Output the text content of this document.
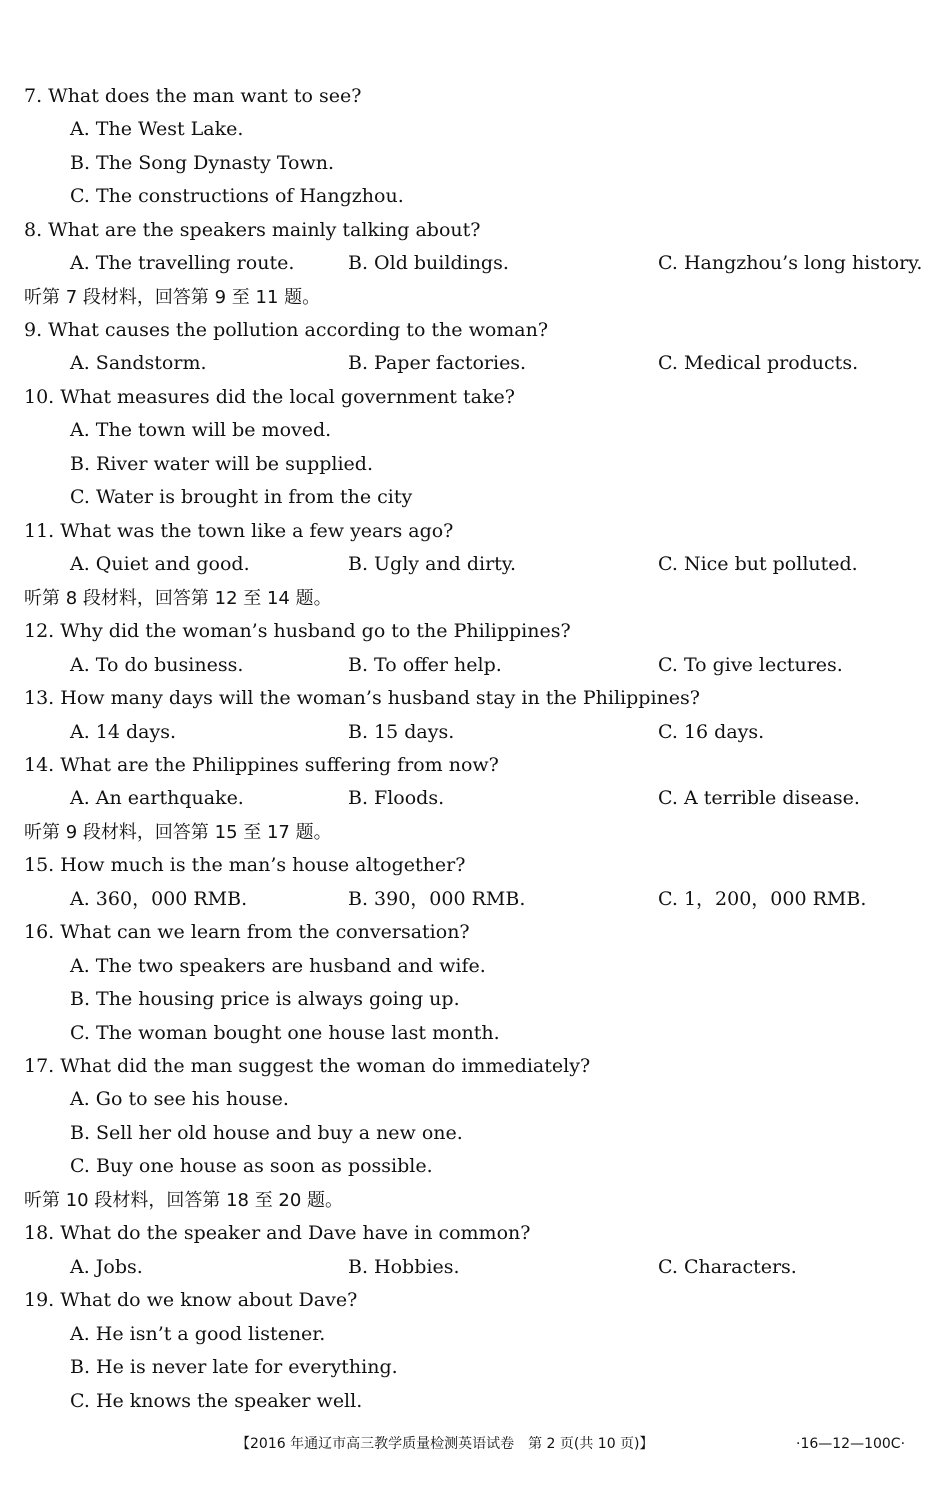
7. What does the man want to see?
A. The West Lake.
B. The Song Dynasty Town.
C. The constructions of Hangzhou.
8. What are the speakers mainly talking about?
A. The travelling route.	B. Old buildings.	C. Hangzhou’s long history.
听第 7 段材料，回答第 9 至 11 题。
9. What causes the pollution according to the woman?
A. Sandstorm.	B. Paper factories.	C. Medical products.
10. What measures did the local government take?
A. The town will be moved.
B. River water will be supplied.
C. Water is brought in from the city
11. What was the town like a few years ago?
A. Quiet and good.	B. Ugly and dirty.	C. Nice but polluted.
听第 8 段材料，回答第 12 至 14 题。
12. Why did the woman’s husband go to the Philippines?
A. To do business.	B. To offer help.	C. To give lectures.
13. How many days will the woman’s husband stay in the Philippines?
A. 14 days.	B. 15 days.	C. 16 days.
14. What are the Philippines suffering from now?
A. An earthquake.	B. Floods.	C. A terrible disease.
听第 9 段材料，回答第 15 至 17 题。
15. How much is the man’s house altogether?
A. 360，000 RMB.	B. 390，000 RMB.	C. 1，200，000 RMB.
16. What can we learn from the conversation?
A. The two speakers are husband and wife.
B. The housing price is always going up.
C. The woman bought one house last month.
17. What did the man suggest the woman do immediately?
A. Go to see his house.
B. Sell her old house and buy a new one.
C. Buy one house as soon as possible.
听第 10 段材料，回答第 18 至 20 题。
18. What do the speaker and Dave have in common?
A. Jobs.	B. Hobbies.	C. Characters.
19. What do we know about Dave?
A. He isn’t a good listener.
B. He is never late for everything.
C. He knows the speaker well.
【2016 年通辽市高三教学质量检测英语试卷　第 2 页(共 10 页)】	·16—12—100C·
